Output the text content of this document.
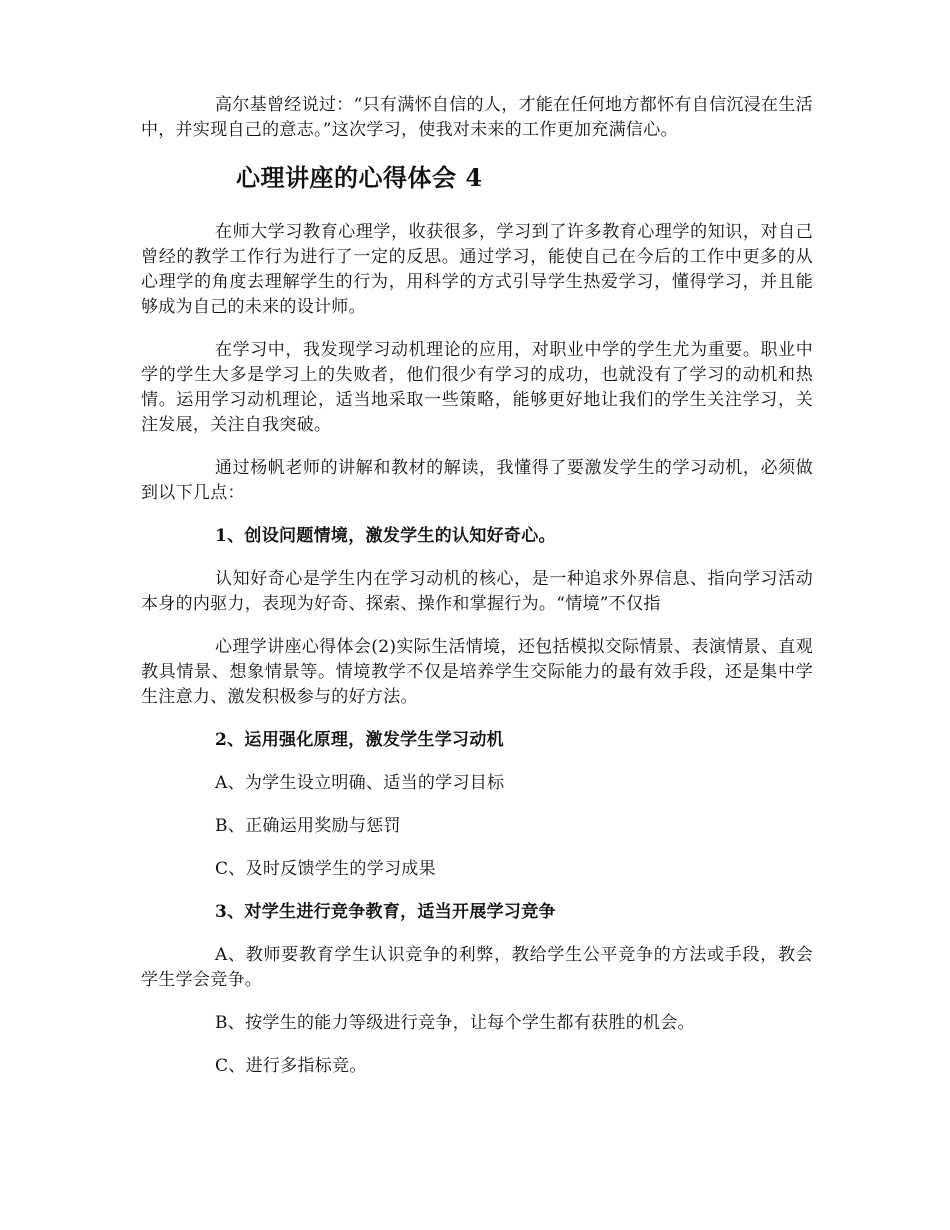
高尔基曾经说过：“只有满怀自信的人，才能在任何地方都怀有自信沉浸在生活中，并实现自己的意志。”这次学习，使我对未来的工作更加充满信心。

心理讲座的心得体会 4

在师大学习教育心理学，收获很多，学习到了许多教育心理学的知识，对自己曾经的教学工作行为进行了一定的反思。通过学习，能使自己在今后的工作中更多的从心理学的角度去理解学生的行为，用科学的方式引导学生热爱学习，懂得学习，并且能够成为自己的未来的设计师。

在学习中，我发现学习动机理论的应用，对职业中学的学生尤为重要。职业中学的学生大多是学习上的失败者，他们很少有学习的成功，也就没有了学习的动机和热情。运用学习动机理论，适当地采取一些策略，能够更好地让我们的学生关注学习，关注发展，关注自我突破。

通过杨帆老师的讲解和教材的解读，我懂得了要激发学生的学习动机，必须做到以下几点：

1、创设问题情境，激发学生的认知好奇心。

认知好奇心是学生内在学习动机的核心，是一种追求外界信息、指向学习活动本身的内驱力，表现为好奇、探索、操作和掌握行为。“情境”不仅指

心理学讲座心得体会(2)实际生活情境，还包括模拟交际情景、表演情景、直观教具情景、想象情景等。情境教学不仅是培养学生交际能力的最有效手段，还是集中学生注意力、激发积极参与的好方法。

2、运用强化原理，激发学生学习动机

A、为学生设立明确、适当的学习目标

B、正确运用奖励与惩罚

C、及时反馈学生的学习成果

3、对学生进行竞争教育，适当开展学习竞争

A、教师要教育学生认识竞争的利弊，教给学生公平竞争的方法或手段，教会学生学会竞争。

B、按学生的能力等级进行竞争，让每个学生都有获胜的机会。

C、进行多指标竞。
